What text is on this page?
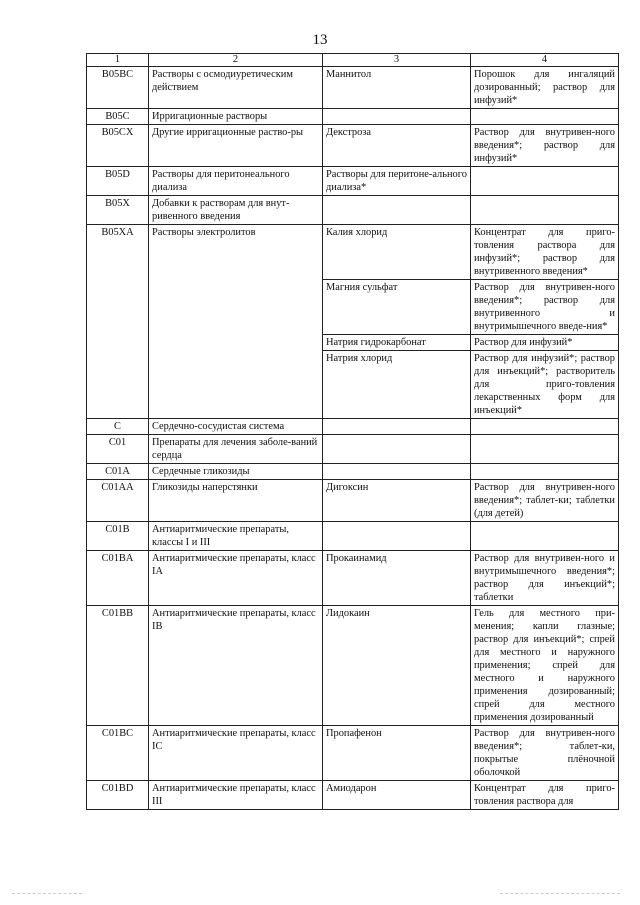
13
1	2	3	4
B05BC	Растворы с осмодиуретическим действием	Маннитол	Порошок для ингаляций дозированный; раствор для инфузий*
B05C	Ирригационные растворы		
B05CX	Другие ирригационные раство-ры	Декстроза	Раствор для внутривен-ного введения*; раствор для инфузий*
B05D	Растворы для перитонеального диализа	Растворы для перитоне-ального диализа*	
B05X	Добавки к растворам для внут-ривенного введения		
B05XA	Растворы электролитов	Калия хлорид	Концентрат для приго-товления раствора для инфузий*; раствор для внутривенного введения*
		Магния сульфат	Раствор для внутривен-ного введения*; раствор для внутривенного и внутримышечного введе-ния*
		Натрия гидрокарбонат	Раствор для инфузий*
		Натрия хлорид	Раствор для инфузий*; раствор для инъекций*; растворитель для приго-товления лекарственных форм для инъекций*
C	Сердечно-сосудистая система		
C01	Препараты для лечения заболе-ваний сердца		
C01A	Сердечные гликозиды		
C01AA	Гликозиды наперстянки	Дигоксин	Раствор для внутривен-ного введения*; таблет-ки; таблетки (для детей)
C01B	Антиаритмические препараты, классы I и III		
C01BA	Антиаритмические препараты, класс IA	Прокаинамид	Раствор для внутривен-ного и внутримышечного введения*; раствор для инъекций*; таблетки
C01BB	Антиаритмические препараты, класс IB	Лидокаин	Гель для местного при-менения; капли глазные; раствор для инъекций*; спрей для местного и наружного применения; спрей для местного и наружного применения дозированный; спрей для местного применения дозированный
C01BC	Антиаритмические препараты, класс IC	Пропафенон	Раствор для внутривен-ного введения*; таблет-ки, покрытые плёночной оболочкой
C01BD	Антиаритмические препараты, класс III	Амиодарон	Концентрат для приго-товления раствора для
